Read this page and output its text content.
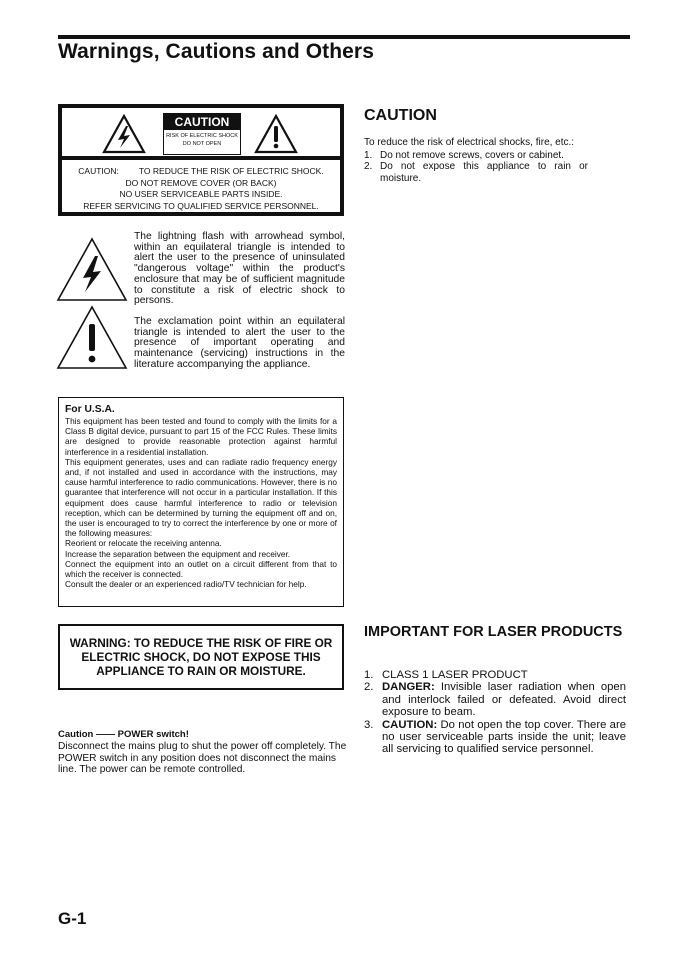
Warnings, Cautions and Others
CAUTION
RISK OF ELECTRIC SHOCK
DO NOT OPEN
CAUTION: TO REDUCE THE RISK OF ELECTRIC SHOCK.
DO NOT REMOVE COVER (OR BACK)
NO USER SERVICEABLE PARTS INSIDE.
REFER SERVICING TO QUALIFIED SERVICE PERSONNEL.
The lightning flash with arrowhead symbol, within an equilateral triangle is intended to alert the user to the presence of uninsulated "dangerous voltage" within the product's enclosure that may be of sufficient magnitude to constitute a risk of electric shock to persons.
The exclamation point within an equilateral triangle is intended to alert the user to the presence of important operating and maintenance (servicing) instructions in the literature accompanying the appliance.
For U.S.A.
This equipment has been tested and found to comply with the limits for a Class B digital device, pursuant to part 15 of the FCC Rules. These limits are designed to provide reasonable protection against harmful interference in a residential installation.
This equipment generates, uses and can radiate radio frequency energy and, if not installed and used in accordance with the instructions, may cause harmful interference to radio communications. However, there is no guarantee that interference will not occur in a particular installation. If this equipment does cause harmful interference to radio or television reception, which can be determined by turning the equipment off and on, the user is encouraged to try to correct the interference by one or more of the following measures:
Reorient or relocate the receiving antenna.
Increase the separation between the equipment and receiver.
Connect the equipment into an outlet on a circuit different from that to which the receiver is connected.
Consult the dealer or an experienced radio/TV technician for help.
WARNING: TO REDUCE THE RISK OF FIRE OR ELECTRIC SHOCK, DO NOT EXPOSE THIS APPLIANCE TO RAIN OR MOISTURE.
Caution —— POWER switch!
Disconnect the mains plug to shut the power off completely. The POWER switch in any position does not disconnect the mains line. The power can be remote controlled.
CAUTION
To reduce the risk of electrical shocks, fire, etc.:
1. Do not remove screws, covers or cabinet.
2. Do not expose this appliance to rain or moisture.
IMPORTANT FOR LASER PRODUCTS
1. CLASS 1 LASER PRODUCT
2. DANGER: Invisible laser radiation when open and interlock failed or defeated. Avoid direct exposure to beam.
3. CAUTION: Do not open the top cover. There are no user serviceable parts inside the unit; leave all servicing to qualified service personnel.
G-1
